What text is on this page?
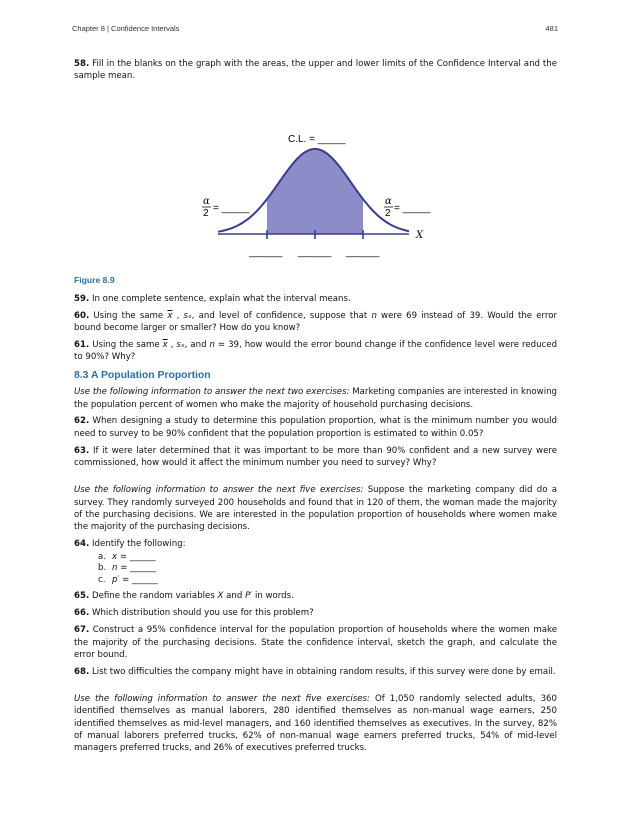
Chapter 8 | Confidence Intervals	481

58. Fill in the blanks on the graph with the areas, the upper and lower limits of the Confidence Interval and the sample mean.

C.L. = _____
α
2 = _____
α
2 = _____
X
______ ______ ______
Figure 8.9

59. In one complete sentence, explain what the interval means.

60. Using the same $\overline{x}$ , sₓ, and level of confidence, suppose that n were 69 instead of 39. Would the error bound become larger or smaller? How do you know?

61. Using the same $\overline{x}$ , sₓ, and n = 39, how would the error bound change if the confidence level were reduced to 90%? Why?

8.3 A Population Proportion

Use the following information to answer the next two exercises: Marketing companies are interested in knowing the population percent of women who make the majority of household purchasing decisions.

62. When designing a study to determine this population proportion, what is the minimum number you would need to survey to be 90% confident that the population proportion is estimated to within 0.05?

63. If it were later determined that it was important to be more than 90% confident and a new survey were commissioned, how would it affect the minimum number you need to survey? Why?

Use the following information to answer the next five exercises: Suppose the marketing company did do a survey. They randomly surveyed 200 households and found that in 120 of them, the woman made the majority of the purchasing decisions. We are interested in the population proportion of households where women make the majority of the purchasing decisions.

64. Identify the following:

a. x = ______
b. n = ______
c. p′ = ______

65. Define the random variables X and P′ in words.

66. Which distribution should you use for this problem?

67. Construct a 95% confidence interval for the population proportion of households where the women make the majority of the purchasing decisions. State the confidence interval, sketch the graph, and calculate the error bound.

68. List two difficulties the company might have in obtaining random results, if this survey were done by email.

Use the following information to answer the next five exercises: Of 1,050 randomly selected adults, 360 identified themselves as manual laborers, 280 identified themselves as non-manual wage earners, 250 identified themselves as mid-level managers, and 160 identified themselves as executives. In the survey, 82% of manual laborers preferred trucks, 62% of non-manual wage earners preferred trucks, 54% of mid-level managers preferred trucks, and 26% of executives preferred trucks.
